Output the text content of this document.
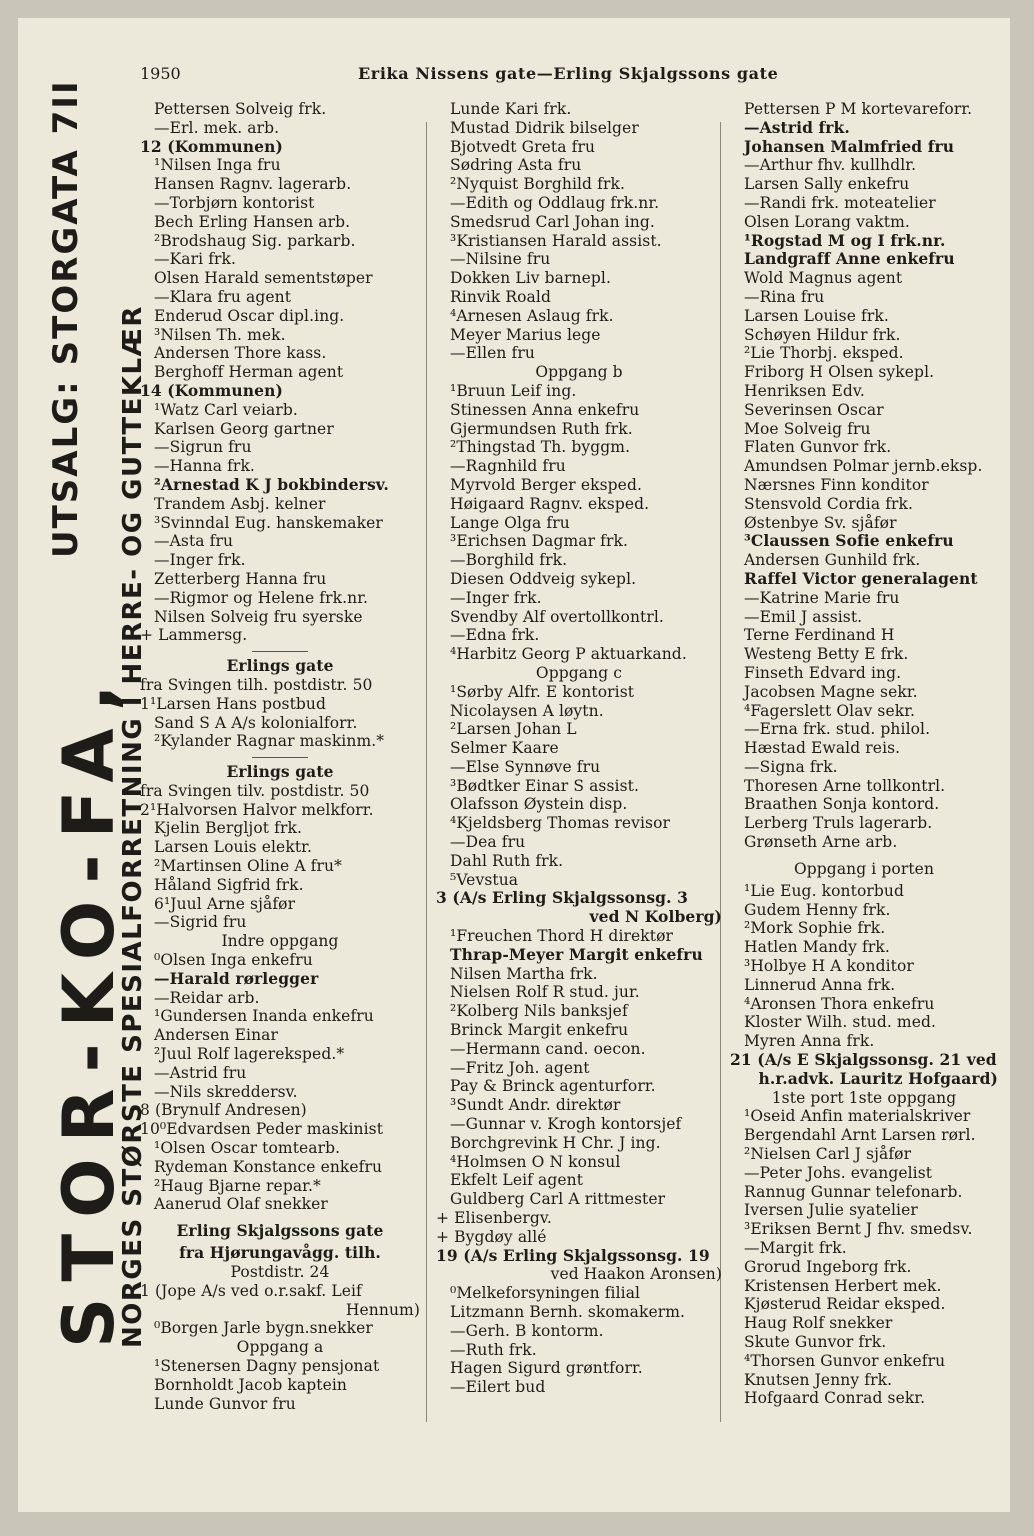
1950	Erika Nissens gate—Erling Skjalgssons gate
STOR-KO-FA,
UTSALG: STORGATA 7II NORGES STØRSTE SPESIALFORRETNING I HERRE- OG GUTTEKLÆR
Pettersen Solveig frk.
—Erl. mek. arb.
12 (Kommunen)
¹Nilsen Inga fru
Hansen Ragnv. lagerarb.
—Torbjørn kontorist
Bech Erling Hansen arb.
²Brodshaug Sig. parkarb.
—Kari frk.
Olsen Harald sementstøper
—Klara fru agent
Enderud Oscar dipl.ing.
³Nilsen Th. mek.
Andersen Thore kass.
Berghoff Herman agent
14 (Kommunen)
¹Watz Carl veiarb.
Karlsen Georg gartner
—Sigrun fru
—Hanna frk.
²Arnestad K J bokbindersv.
Trandem Asbj. kelner
³Svinndal Eug. hanskemaker
—Asta fru
—Inger frk.
Zetterberg Hanna fru
—Rigmor og Helene frk.nr.
Nilsen Solveig fru syerske
+ Lammersg.
Erlings gate
fra Svingen tilh. postdistr. 50
1¹Larsen Hans postbud
Sand S A A/s kolonialforr.
²Kylander Ragnar maskinm.*
Erlings gate
fra Svingen tilv. postdistr. 50
2¹Halvorsen Halvor melkforr.
Kjelin Bergljot frk.
Larsen Louis elektr.
²Martinsen Oline A fru*
Håland Sigfrid frk.
6¹Juul Arne sjåfør
—Sigrid fru
Indre oppgang
⁰Olsen Inga enkefru
—Harald rørlegger
—Reidar arb.
¹Gundersen Inanda enkefru
Andersen Einar
²Juul Rolf lagereksped.*
—Astrid fru
—Nils skreddersv.
8 (Brynulf Andresen)
10⁰Edvardsen Peder maskinist
¹Olsen Oscar tomtearb.
Rydeman Konstance enkefru
²Haug Bjarne repar.*
Aanerud Olaf snekker
Erling Skjalgssons gate
fra Hjørungavågg. tilh.
Postdistr. 24
1 (Jope A/s ved o.r.sakf. Leif
Hennum)
⁰Borgen Jarle bygn.snekker
Oppgang a
¹Stenersen Dagny pensjonat
Bornholdt Jacob kaptein
Lunde Gunvor fru
Lunde Kari frk.
Mustad Didrik bilselger
Bjotvedt Greta fru
Sødring Asta fru
²Nyquist Borghild frk.
—Edith og Oddlaug frk.nr.
Smedsrud Carl Johan ing.
³Kristiansen Harald assist.
—Nilsine fru
Dokken Liv barnepl.
Rinvik Roald
⁴Arnesen Aslaug frk.
Meyer Marius lege
—Ellen fru
Oppgang b
¹Bruun Leif ing.
Stinessen Anna enkefru
Gjermundsen Ruth frk.
²Thingstad Th. byggm.
—Ragnhild fru
Myrvold Berger eksped.
Høigaard Ragnv. eksped.
Lange Olga fru
³Erichsen Dagmar frk.
—Borghild frk.
Diesen Oddveig sykepl.
—Inger frk.
Svendby Alf overtollkontrl.
—Edna frk.
⁴Harbitz Georg P aktuarkand.
Oppgang c
¹Sørby Alfr. E kontorist
Nicolaysen A løytn.
²Larsen Johan L
Selmer Kaare
—Else Synnøve fru
³Bødtker Einar S assist.
Olafsson Øystein disp.
⁴Kjeldsberg Thomas revisor
—Dea fru
Dahl Ruth frk.
⁵Vevstua
3 (A/s Erling Skjalgssonsg. 3
ved N Kolberg)
¹Freuchen Thord H direktør
Thrap-Meyer Margit enkefru
Nilsen Martha frk.
Nielsen Rolf R stud. jur.
²Kolberg Nils banksjef
Brinck Margit enkefru
—Hermann cand. oecon.
—Fritz Joh. agent
Pay & Brinck agenturforr.
³Sundt Andr. direktør
—Gunnar v. Krogh kontorsjef
Borchgrevink H Chr. J ing.
⁴Holmsen O N konsul
Ekfelt Leif agent
Guldberg Carl A rittmester
+ Elisenbergv.
+ Bygdøy allé
19 (A/s Erling Skjalgssonsg. 19
ved Haakon Aronsen)
⁰Melkeforsyningen filial
Litzmann Bernh. skomakerm.
—Gerh. B kontorm.
—Ruth frk.
Hagen Sigurd grøntforr.
—Eilert bud
Pettersen P M kortevareforr.
—Astrid frk.
Johansen Malmfried fru
—Arthur fhv. kullhdlr.
Larsen Sally enkefru
—Randi frk. moteatelier
Olsen Lorang vaktm.
¹Rogstad M og I frk.nr.
Landgraff Anne enkefru
Wold Magnus agent
—Rina fru
Larsen Louise frk.
Schøyen Hildur frk.
²Lie Thorbj. eksped.
Friborg H Olsen sykepl.
Henriksen Edv.
Severinsen Oscar
Moe Solveig fru
Flaten Gunvor frk.
Amundsen Polmar jernb.eksp.
Nærsnes Finn konditor
Stensvold Cordia frk.
Østenbye Sv. sjåfør
³Claussen Sofie enkefru
Andersen Gunhild frk.
Raffel Victor generalagent
—Katrine Marie fru
—Emil J assist.
Terne Ferdinand H
Westeng Betty E frk.
Finseth Edvard ing.
Jacobsen Magne sekr.
⁴Fagerslett Olav sekr.
—Erna frk. stud. philol.
Hæstad Ewald reis.
—Signa frk.
Thoresen Arne tollkontrl.
Braathen Sonja kontord.
Lerberg Truls lagerarb.
Grønseth Arne arb.
Oppgang i porten
¹Lie Eug. kontorbud
Gudem Henny frk.
²Mork Sophie frk.
Hatlen Mandy frk.
³Holbye H A konditor
Linnerud Anna frk.
⁴Aronsen Thora enkefru
Kloster Wilh. stud. med.
Myren Anna frk.
21 (A/s E Skjalgssonsg. 21 ved
h.r.advk. Lauritz Hofgaard)
1ste port 1ste oppgang
¹Oseid Anfin materialskriver
Bergendahl Arnt Larsen rørl.
²Nielsen Carl J sjåfør
—Peter Johs. evangelist
Rannug Gunnar telefonarb.
Iversen Julie syatelier
³Eriksen Bernt J fhv. smedsv.
—Margit frk.
Grorud Ingeborg frk.
Kristensen Herbert mek.
Kjøsterud Reidar eksped.
Haug Rolf snekker
Skute Gunvor frk.
⁴Thorsen Gunvor enkefru
Knutsen Jenny frk.
Hofgaard Conrad sekr.
